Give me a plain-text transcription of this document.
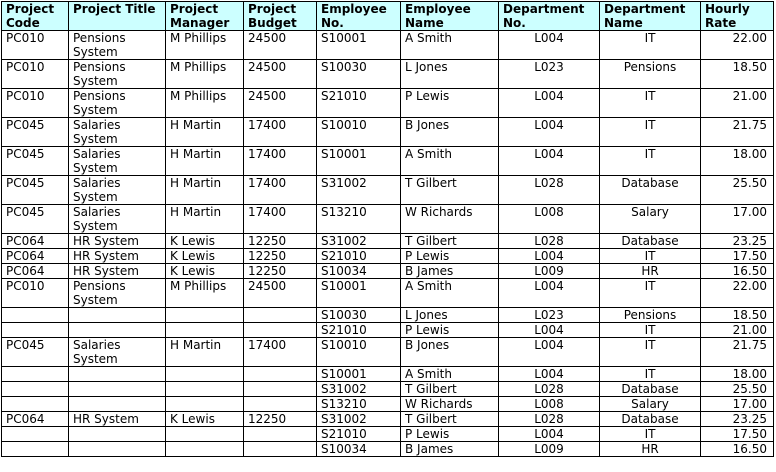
Project Code	Project Title	Project Manager	Project Budget	Employee No.	Employee Name	Department No.	Department Name	Hourly Rate
PC010	Pensions System	M Phillips	24500	S10001	A Smith	L004	IT	22.00
PC010	Pensions System	M Phillips	24500	S10030	L Jones	L023	Pensions	18.50
PC010	Pensions System	M Phillips	24500	S21010	P Lewis	L004	IT	21.00
PC045	Salaries System	H Martin	17400	S10010	B Jones	L004	IT	21.75
PC045	Salaries System	H Martin	17400	S10001	A Smith	L004	IT	18.00
PC045	Salaries System	H Martin	17400	S31002	T Gilbert	L028	Database	25.50
PC045	Salaries System	H Martin	17400	S13210	W Richards	L008	Salary	17.00
PC064	HR System	K Lewis	12250	S31002	T Gilbert	L028	Database	23.25
PC064	HR System	K Lewis	12250	S21010	P Lewis	L004	IT	17.50
PC064	HR System	K Lewis	12250	S10034	B James	L009	HR	16.50
PC010	Pensions System	M Phillips	24500	S10001	A Smith	L004	IT	22.00
				S10030	L Jones	L023	Pensions	18.50
				S21010	P Lewis	L004	IT	21.00
PC045	Salaries System	H Martin	17400	S10010	B Jones	L004	IT	21.75
				S10001	A Smith	L004	IT	18.00
				S31002	T Gilbert	L028	Database	25.50
				S13210	W Richards	L008	Salary	17.00
PC064	HR System	K Lewis	12250	S31002	T Gilbert	L028	Database	23.25
				S21010	P Lewis	L004	IT	17.50
				S10034	B James	L009	HR	16.50
